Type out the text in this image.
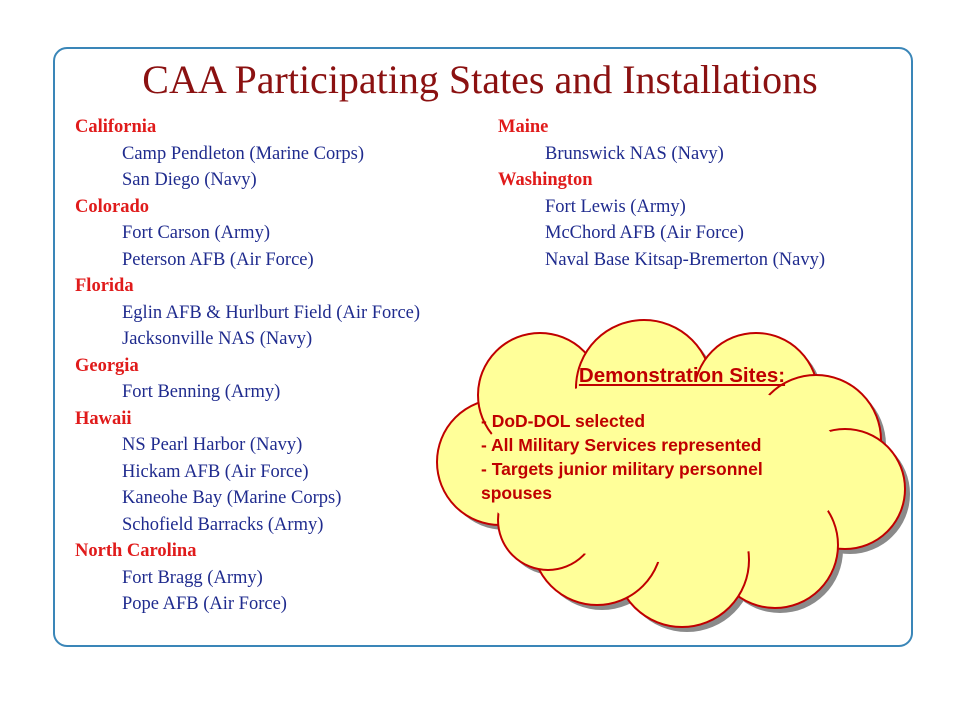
CAA Participating States and Installations
California
Camp Pendleton (Marine Corps)
San Diego (Navy)
Colorado
Fort Carson (Army)
Peterson AFB (Air Force)
Florida
Eglin AFB & Hurlburt Field (Air Force)
Jacksonville NAS (Navy)
Georgia
Fort Benning (Army)
Hawaii
NS Pearl Harbor (Navy)
Hickam AFB (Air Force)
Kaneohe Bay (Marine Corps)
Schofield Barracks (Army)
North Carolina
Fort Bragg (Army)
Pope AFB (Air Force)
Maine
Brunswick NAS (Navy)
Washington
Fort Lewis (Army)
McChord AFB (Air Force)
Naval Base Kitsap-Bremerton (Navy)
Demonstration Sites:
- DoD-DOL selected
- All Military Services represented
- Targets junior military personnel
spouses
